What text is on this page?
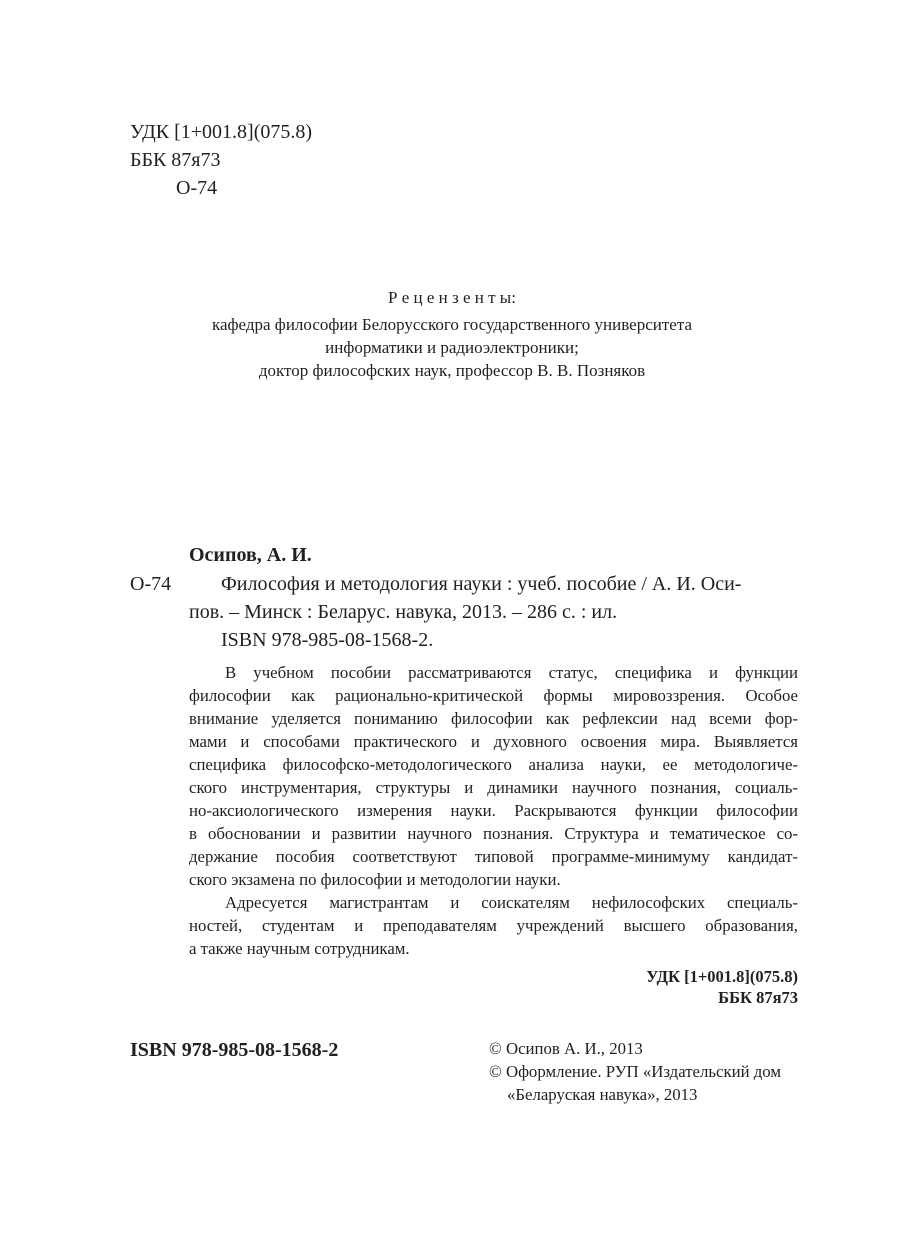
УДК [1+001.8](075.8)
ББК 87я73
О-74
Р е ц е н з е н т ы:
кафедра философии Белорусского государственного университета
информатики и радиоэлектроники;
доктор философских наук, профессор В. В. Позняков
Осипов, А. И.
О-74 Философия и методология науки : учеб. пособие / А. И. Оси-
пов. – Минск : Беларус. навука, 2013. – 286 с. : ил.
ISBN 978-985-08-1568-2.

В учебном пособии рассматриваются статус, специфика и функции

философии как рационально-критической формы мировоззрения. Особое

внимание уделяется пониманию философии как рефлексии над всеми фор-

мами и способами практического и духовного освоения мира. Выявляется

специфика философско-методологического анализа науки, ее методологиче-

ского инструментария, структуры и динамики научного познания, социаль-

но-аксиологического измерения науки. Раскрываются функции философии

в обосновании и развитии научного познания. Структура и тематическое со-

держание пособия соответствуют типовой программе-минимуму кандидат-

ского экзамена по философии и методологии науки.

Адресуется магистрантам и соискателям нефилософских специаль-

ностей, студентам и преподавателям учреждений высшего образования,

а также научным сотрудникам.

УДК [1+001.8](075.8)
ББК 87я73
ISBN 978-985-08-1568-2	© Осипов А. И., 2013
© Оформление. РУП «Издательский дом
«Беларуская навука», 2013
